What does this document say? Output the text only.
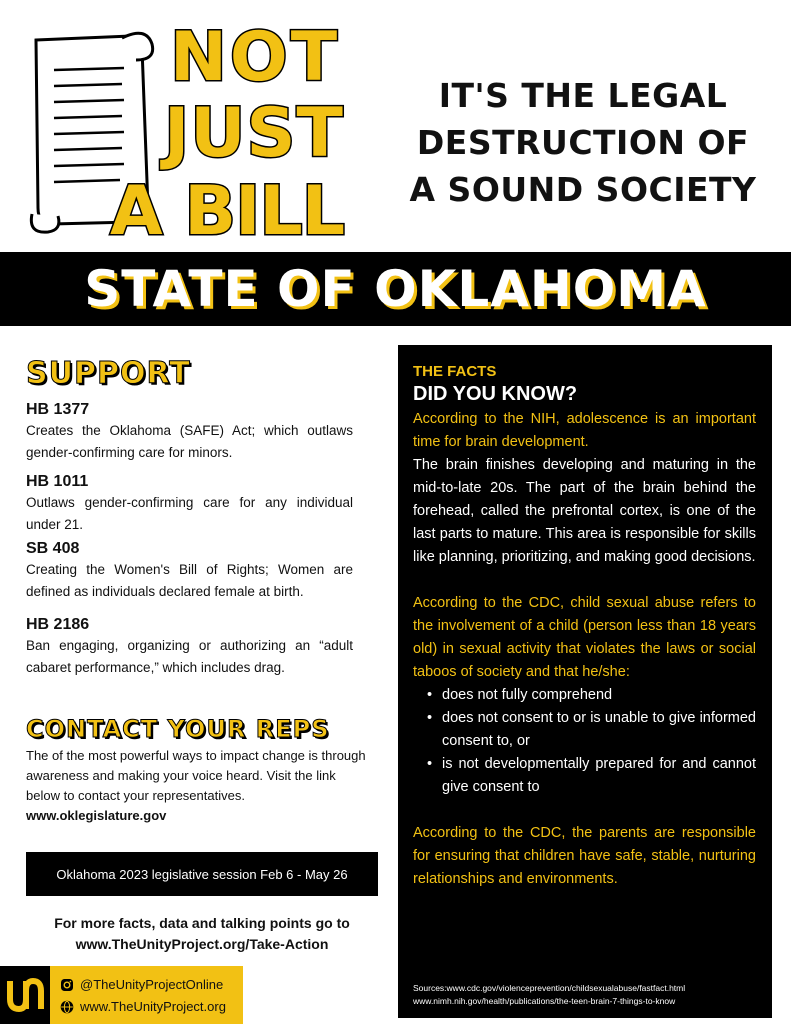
NOT
JUST
A BILL
IT'S THE LEGAL
DESTRUCTION OF
A SOUND SOCIETY
STATE OF OKLAHOMA
SUPPORT
HB 1377
Creates the Oklahoma (SAFE) Act; which outlaws gender-confirming care for minors.
HB 1011
Outlaws gender-confirming care for any individual under 21.
SB 408
Creating the Women's Bill of Rights; Women are defined as individuals declared female at birth.
HB 2186
Ban engaging, organizing or authorizing an “adult cabaret performance,” which includes drag.
CONTACT YOUR REPS
The of the most powerful ways to impact change is through awareness and making your voice heard. Visit the link below to contact your representatives.
www.oklegislature.gov
Oklahoma 2023 legislative session Feb 6 - May 26
For more facts, data and talking points go to
www.TheUnityProject.org/Take-Action
@TheUnityProjectOnline
www.TheUnityProject.org
THE FACTS
DID YOU KNOW?
According to the NIH, adolescence is an important time for brain development.
The brain finishes developing and maturing in the mid-to-late 20s. The part of the brain behind the forehead, called the prefrontal cortex, is one of the last parts to mature. This area is responsible for skills like planning, prioritizing, and making good decisions.
According to the CDC, child sexual abuse refers to the involvement of a child (person less than 18 years old) in sexual activity that violates the laws or social taboos of society and that he/she:
• does not fully comprehend
• does not consent to or is unable to give informed consent to, or
• is not developmentally prepared for and cannot give consent to
According to the CDC, the parents are responsible for ensuring that children have safe, stable, nurturing relationships and environments.
Sources:www.cdc.gov/violenceprevention/childsexualabuse/fastfact.html
www.nimh.nih.gov/health/publications/the-teen-brain-7-things-to-know
